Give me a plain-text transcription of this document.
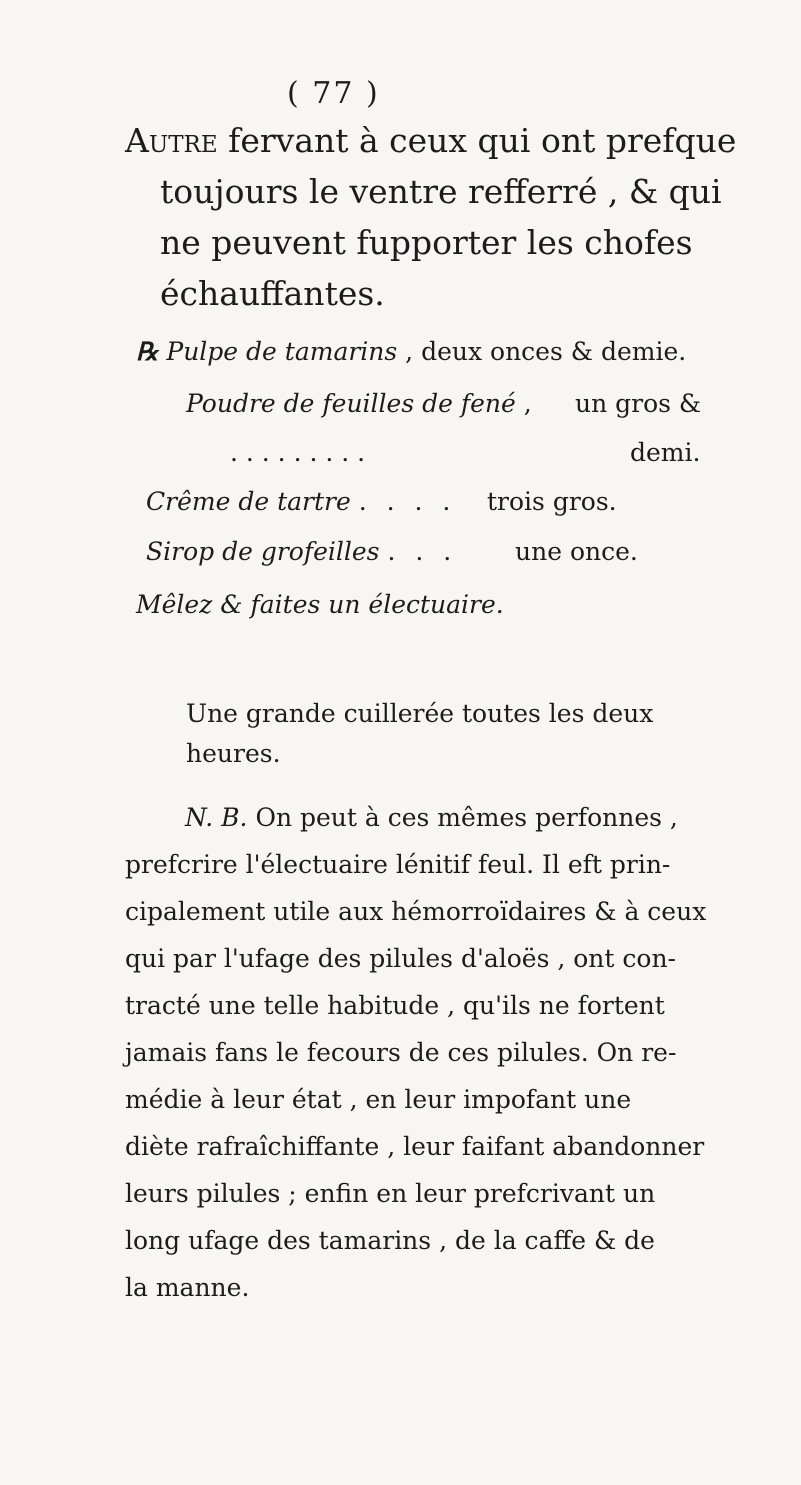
( 77 )
Autre fervant à ceux qui ont prefque
toujours le ventre refferré , & qui
ne peuvent fupporter les chofes
échauffantes.
℞ Pulpe de tamarins , deux onces & demie.
Poudre de feuilles de fené , un gros &
. . . . . . . . .	demi.
Crême de tartre . . . . trois gros.
Sirop de grofeilles . . . une once.
Mêlez & faites un électuaire.
Une grande cuillerée toutes les deux heures.
N. B. On peut à ces mêmes perfonnes ,
prefcrire l'électuaire lénitif feul. Il eft prin-
cipalement utile aux hémorroïdaires & à ceux
qui par l'ufage des pilules d'aloës , ont con-
tracté une telle habitude , qu'ils ne fortent
jamais fans le fecours de ces pilules. On re-
médie à leur état , en leur impofant une
diète rafraîchiffante , leur faifant abandonner
leurs pilules ; enfin en leur prefcrivant un
long ufage des tamarins , de la caffe & de
la manne.
